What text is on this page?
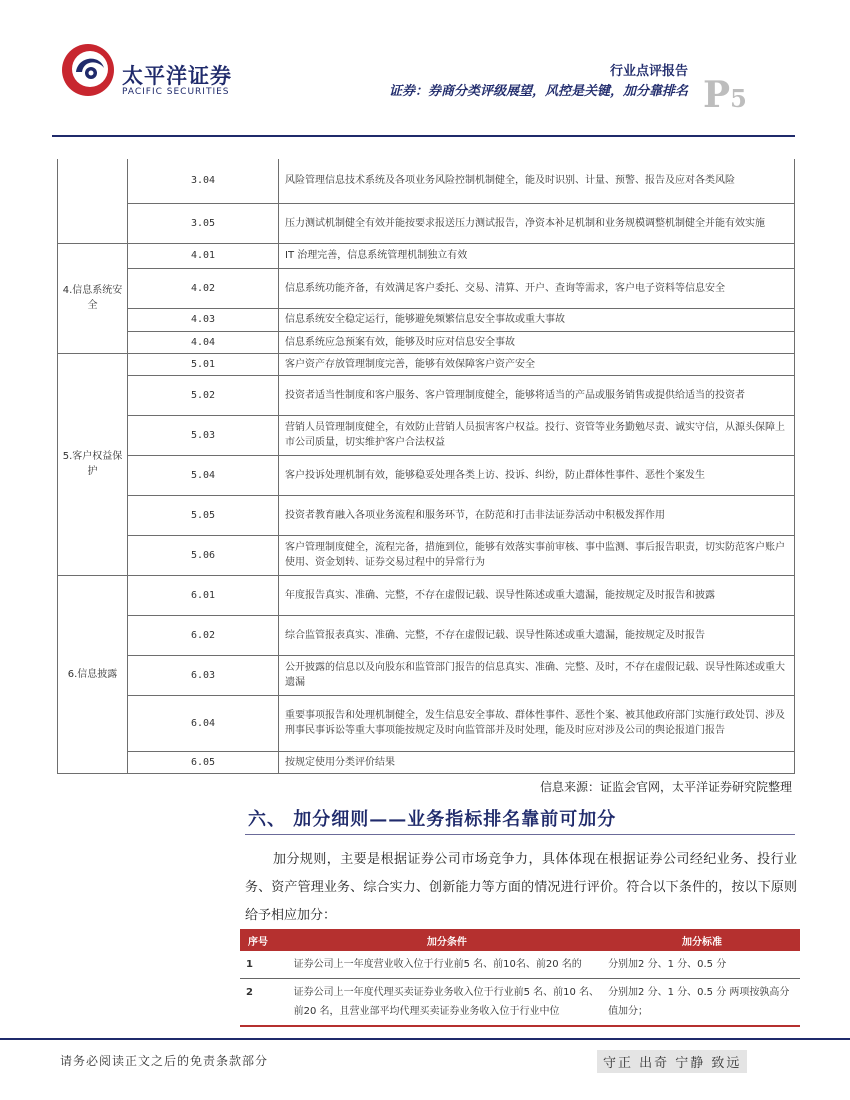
太平洋证券
PACIFIC SECURITIES
行业点评报告
证券：券商分类评级展望，风控是关键，加分靠排名 P5
	3.04	风险管理信息技术系统及各项业务风险控制机制健全，能及时识别、计量、预警、报告及应对各类风险
	3.05	压力测试机制健全有效并能按要求报送压力测试报告，净资本补足机制和业务规模调整机制健全并能有效实施
4.信息系统安全	4.01	IT 治理完善，信息系统管理机制独立有效
	4.02	信息系统功能齐备，有效满足客户委托、交易、清算、开户、查询等需求，客户电子资料等信息安全
	4.03	信息系统安全稳定运行，能够避免频繁信息安全事故或重大事故
	4.04	信息系统应急预案有效，能够及时应对信息安全事故
5.客户权益保护	5.01	客户资产存放管理制度完善，能够有效保障客户资产安全
	5.02	投资者适当性制度和客户服务、客户管理制度健全，能够将适当的产品或服务销售或提供给适当的投资者
	5.03	营销人员管理制度健全，有效防止营销人员损害客户权益。投行、资管等业务勤勉尽责、诚实守信，从源头保障上市公司质量，切实维护客户合法权益
	5.04	客户投诉处理机制有效，能够稳妥处理各类上访、投诉、纠纷，防止群体性事件、恶性个案发生
	5.05	投资者教育融入各项业务流程和服务环节，在防范和打击非法证券活动中积极发挥作用
	5.06	客户管理制度健全，流程完备，措施到位，能够有效落实事前审核、事中监测、事后报告职责，切实防范客户账户使用、资金划转、证券交易过程中的异常行为
6.信息披露	6.01	年度报告真实、准确、完整，不存在虚假记载、误导性陈述或重大遗漏，能按规定及时报告和披露
	6.02	综合监管报表真实、准确、完整，不存在虚假记载、误导性陈述或重大遗漏，能按规定及时报告
	6.03	公开披露的信息以及向股东和监管部门报告的信息真实、准确、完整、及时，不存在虚假记载、误导性陈述或重大遗漏
	6.04	重要事项报告和处理机制健全，发生信息安全事故、群体性事件、恶性个案、被其他政府部门实施行政处罚、涉及刑事民事诉讼等重大事项能按规定及时向监管部并及时处理，能及时应对涉及公司的舆论报道门报告
	6.05	按规定使用分类评价结果
信息来源：证监会官网，太平洋证券研究院整理
六、 加分细则——业务指标排名靠前可加分
加分规则，主要是根据证券公司市场竞争力，具体体现在根据证券公司经纪业务、投行业务、资产管理业务、综合实力、创新能力等方面的情况进行评价。符合以下条件的，按以下原则给予相应加分：
序号	加分条件	加分标准
1	证券公司上一年度营业收入位于行业前5 名、前10名、前20 名的	分别加2 分、1 分、0.5 分
2	证券公司上一年度代理买卖证券业务收入位于行业前5 名、前10 名、前20 名，且营业部平均代理买卖证券业务收入位于行业中位	分别加2 分、1 分、0.5 分 两项按孰高分值加分；
请务必阅读正文之后的免责条款部分	守正 出奇 宁静 致远
